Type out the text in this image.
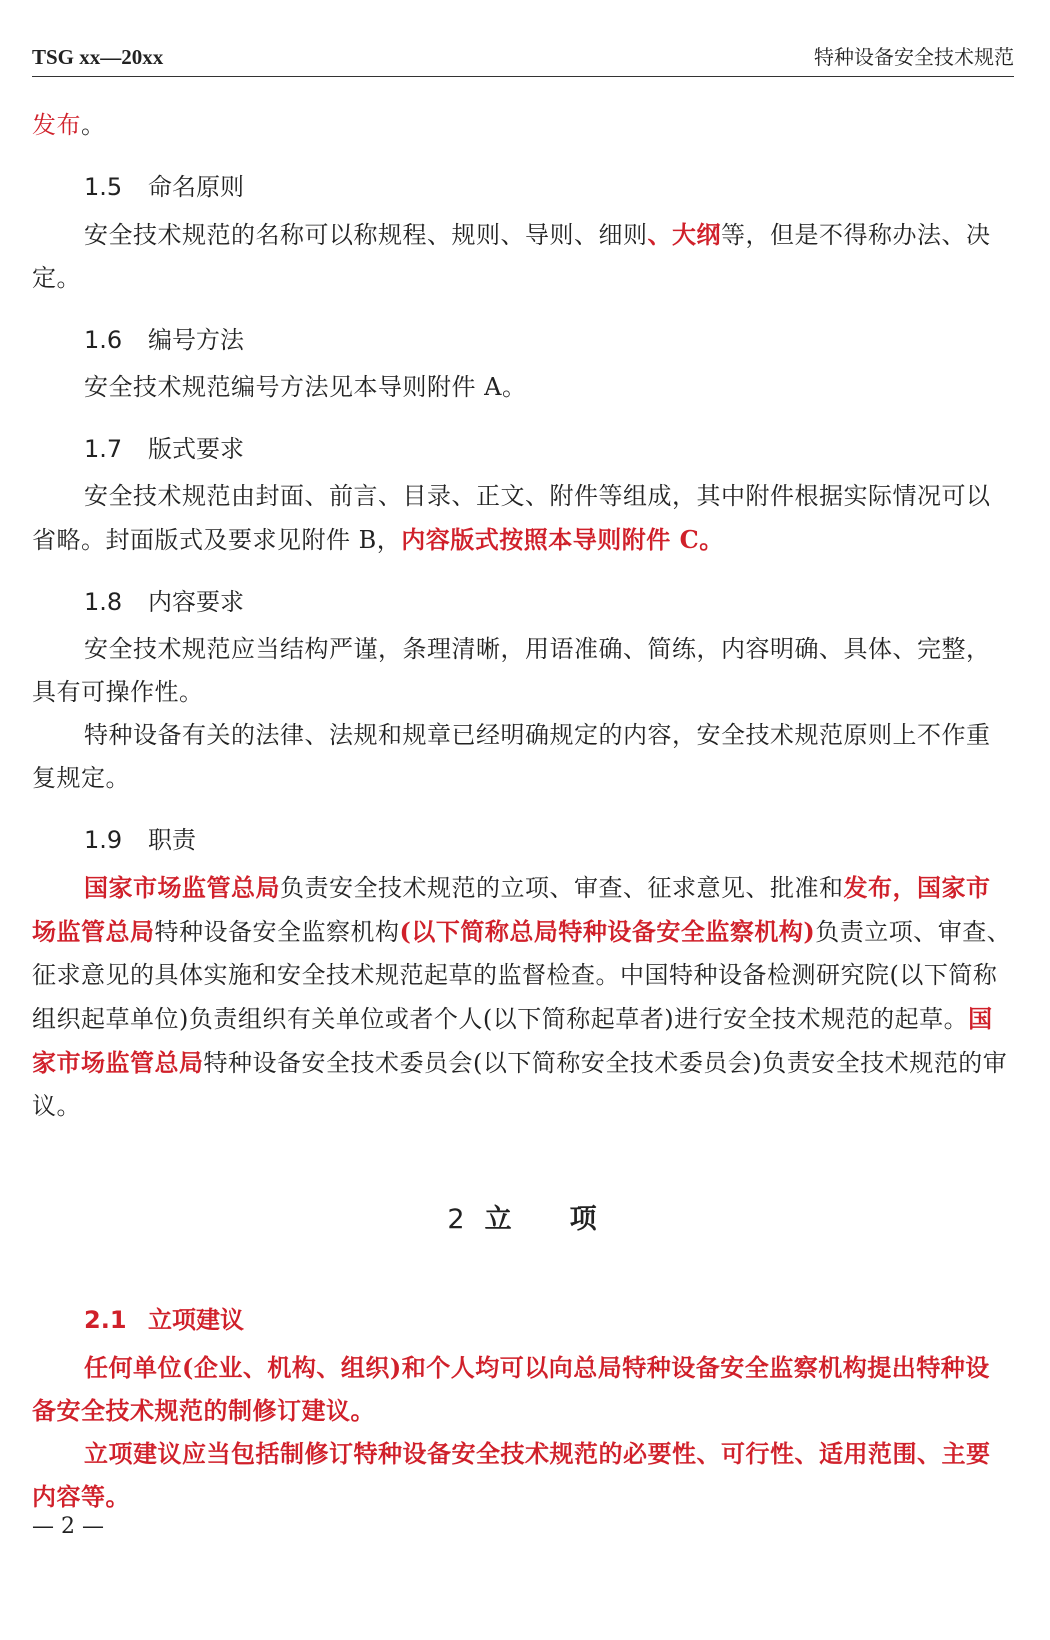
TSG xx—20xx	特种设备安全技术规范

发布。

1.5 命名原则

安全技术规范的名称可以称规程、规则、导则、细则、大纲等，但是不得称办法、决定。

1.6 编号方法

安全技术规范编号方法见本导则附件 A。

1.7 版式要求

安全技术规范由封面、前言、目录、正文、附件等组成，其中附件根据实际情况可以省略。封面版式及要求见附件 B，内容版式按照本导则附件 C。

1.8 内容要求

安全技术规范应当结构严谨，条理清晰，用语准确、简练，内容明确、具体、完整，具有可操作性。

特种设备有关的法律、法规和规章已经明确规定的内容，安全技术规范原则上不作重复规定。

1.9 职责

国家市场监管总局负责安全技术规范的立项、审查、征求意见、批准和发布，国家市场监管总局特种设备安全监察机构(以下简称总局特种设备安全监察机构)负责立项、审查、征求意见的具体实施和安全技术规范起草的监督检查。中国特种设备检测研究院(以下简称组织起草单位)负责组织有关单位或者个人(以下简称起草者)进行安全技术规范的起草。国家市场监管总局特种设备安全技术委员会(以下简称安全技术委员会)负责安全技术规范的审议。

2 立 项
2.1 立项建议

任何单位(企业、机构、组织)和个人均可以向总局特种设备安全监察机构提出特种设备安全技术规范的制修订建议。

立项建议应当包括制修订特种设备安全技术规范的必要性、可行性、适用范围、主要内容等。

— 2 —
